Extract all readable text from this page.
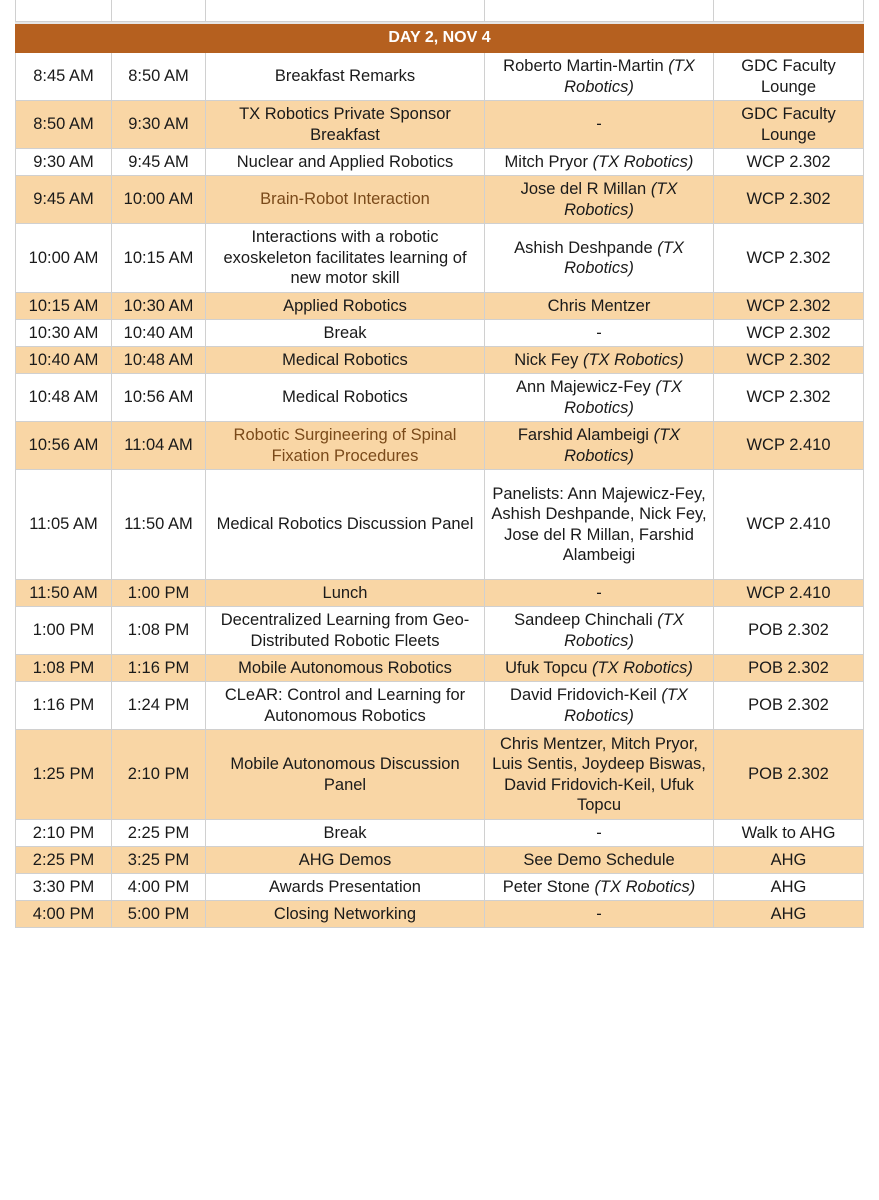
DAY 2, NOV 4				
8:45 AM	8:50 AM	Breakfast Remarks	Roberto Martin-Martin (TX Robotics)	GDC Faculty Lounge
8:50 AM	9:30 AM	TX Robotics Private Sponsor Breakfast	-	GDC Faculty Lounge
9:30 AM	9:45 AM	Nuclear and Applied Robotics	Mitch Pryor (TX Robotics)	WCP 2.302
9:45 AM	10:00 AM	Brain-Robot Interaction	Jose del R Millan (TX Robotics)	WCP 2.302
10:00 AM	10:15 AM	Interactions with a robotic exoskeleton facilitates learning of new motor skill	Ashish Deshpande (TX Robotics)	WCP 2.302
10:15 AM	10:30 AM	Applied Robotics	Chris Mentzer	WCP 2.302
10:30 AM	10:40 AM	Break	-	WCP 2.302
10:40 AM	10:48 AM	Medical Robotics	Nick Fey (TX Robotics)	WCP 2.302
10:48 AM	10:56 AM	Medical Robotics	Ann Majewicz-Fey (TX Robotics)	WCP 2.302
10:56 AM	11:04 AM	Robotic Surgineering of Spinal Fixation Procedures	Farshid Alambeigi (TX Robotics)	WCP 2.410
11:05 AM	11:50 AM	Medical Robotics Discussion Panel	Panelists: Ann Majewicz-Fey, Ashish Deshpande, Nick Fey, Jose del R Millan, Farshid Alambeigi	WCP 2.410
11:50 AM	1:00 PM	Lunch	-	WCP 2.410
1:00 PM	1:08 PM	Decentralized Learning from Geo-Distributed Robotic Fleets	Sandeep Chinchali (TX Robotics)	POB 2.302
1:08 PM	1:16 PM	Mobile Autonomous Robotics	Ufuk Topcu (TX Robotics)	POB 2.302
1:16 PM	1:24 PM	CLeAR: Control and Learning for Autonomous Robotics	David Fridovich-Keil (TX Robotics)	POB 2.302
1:25 PM	2:10 PM	Mobile Autonomous Discussion Panel	Chris Mentzer, Mitch Pryor, Luis Sentis, Joydeep Biswas, David Fridovich-Keil, Ufuk Topcu	POB 2.302
2:10 PM	2:25 PM	Break	-	Walk to AHG
2:25 PM	3:25 PM	AHG Demos	See Demo Schedule	AHG
3:30 PM	4:00 PM	Awards Presentation	Peter Stone (TX Robotics)	AHG
4:00 PM	5:00 PM	Closing Networking	-	AHG
